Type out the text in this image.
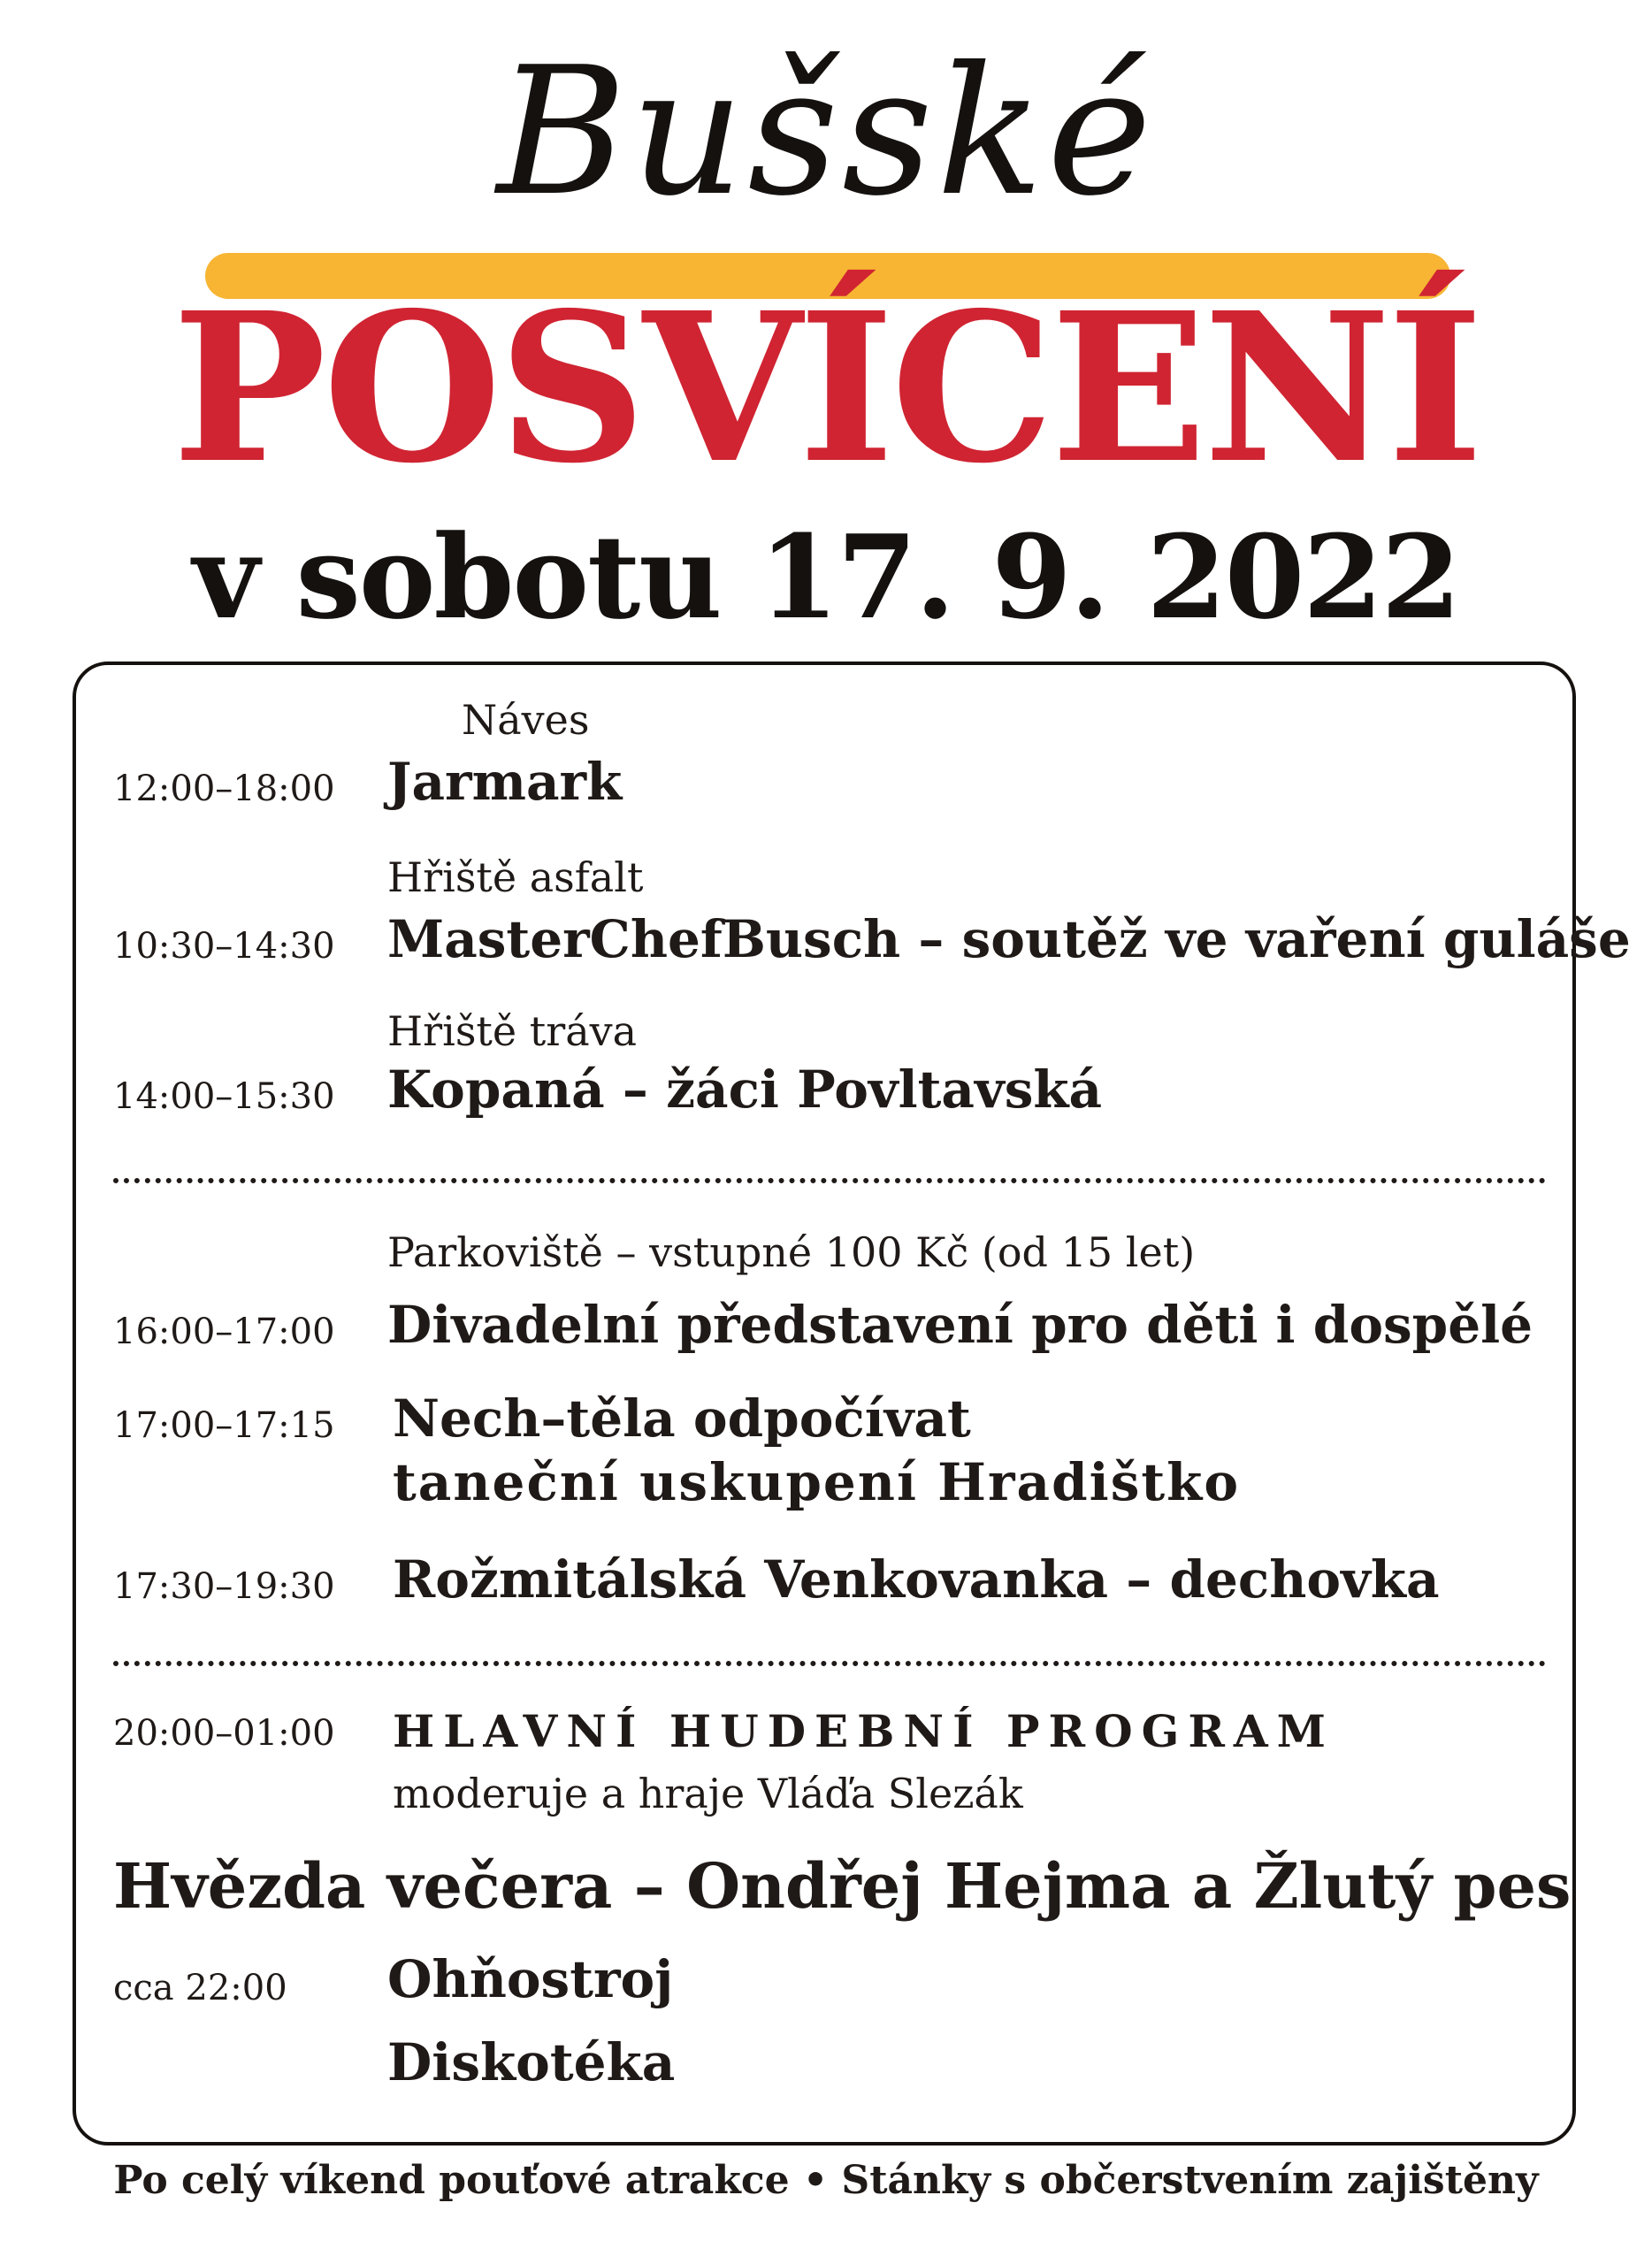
Bušské
POSVÍCENÍ
v sobotu 17. 9. 2022
Náves
12:00–18:00 Jarmark
Hřiště asfalt
10:30–14:30 MasterChefBusch – soutěž ve vaření guláše
Hřiště tráva
14:00–15:30 Kopaná – žáci Povltavská
Parkoviště – vstupné 100 Kč (od 15 let)
16:00–17:00 Divadelní představení pro děti i dospělé
17:00–17:15 Nech–těla odpočívat
taneční uskupení Hradištko
17:30–19:30 Rožmitálská Venkovanka – dechovka
20:00–01:00 HLAVNÍ HUDEBNÍ PROGRAM
moderuje a hraje Vláďa Slezák
Hvězda večera – Ondřej Hejma a Žlutý pes
cca 22:00 Ohňostroj
Diskotéka
Po celý víkend pouťové atrakce • Stánky s občerstvením zajištěny
